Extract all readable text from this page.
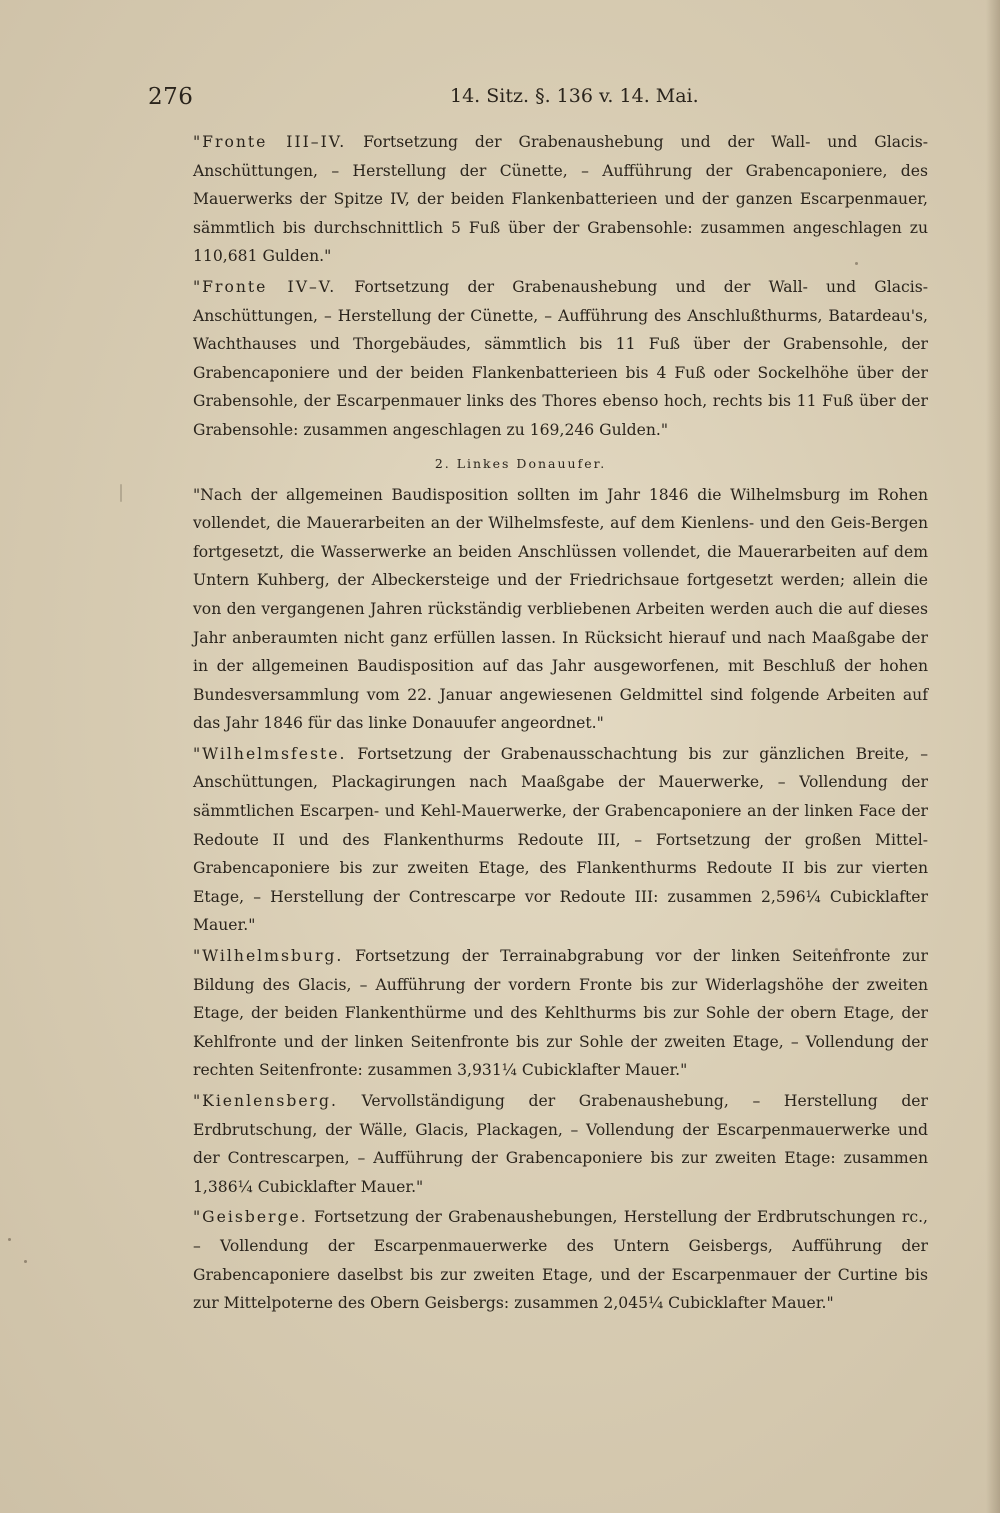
276	14. Sitz. §. 136 v. 14. Mai.

"Fronte III–IV. Fortsetzung der Grabenaushebung und der Wall- und Glacis-Anschüttungen, – Herstellung der Cünette, – Aufführung der Grabencaponiere, des Mauerwerks der Spitze IV, der beiden Flankenbatterieen und der ganzen Escarpenmauer, sämmtlich bis durchschnittlich 5 Fuß über der Grabensohle: zusammen angeschlagen zu 110,681 Gulden."

"Fronte IV–V. Fortsetzung der Grabenaushebung und der Wall- und Glacis-Anschüttungen, – Herstellung der Cünette, – Aufführung des Anschlußthurms, Batardeau's, Wachthauses und Thorgebäudes, sämmtlich bis 11 Fuß über der Grabensohle, der Grabencaponiere und der beiden Flankenbatterieen bis 4 Fuß oder Sockelhöhe über der Grabensohle, der Escarpenmauer links des Thores ebenso hoch, rechts bis 11 Fuß über der Grabensohle: zusammen angeschlagen zu 169,246 Gulden."

2. Linkes Donauufer.

"Nach der allgemeinen Baudisposition sollten im Jahr 1846 die Wilhelmsburg im Rohen vollendet, die Mauerarbeiten an der Wilhelmsfeste, auf dem Kienlens- und den Geis-Bergen fortgesetzt, die Wasserwerke an beiden Anschlüssen vollendet, die Mauerarbeiten auf dem Untern Kuhberg, der Albeckersteige und der Friedrichsaue fortgesetzt werden; allein die von den vergangenen Jahren rückständig verbliebenen Arbeiten werden auch die auf dieses Jahr anberaumten nicht ganz erfüllen lassen. In Rücksicht hierauf und nach Maaßgabe der in der allgemeinen Baudisposition auf das Jahr ausgeworfenen, mit Beschluß der hohen Bundesversammlung vom 22. Januar angewiesenen Geldmittel sind folgende Arbeiten auf das Jahr 1846 für das linke Donauufer angeordnet."

"Wilhelmsfeste. Fortsetzung der Grabenausschachtung bis zur gänzlichen Breite, – Anschüttungen, Plackagirungen nach Maaßgabe der Mauerwerke, – Vollendung der sämmtlichen Escarpen- und Kehl-Mauerwerke, der Grabencaponiere an der linken Face der Redoute II und des Flankenthurms Redoute III, – Fortsetzung der großen Mittel-Grabencaponiere bis zur zweiten Etage, des Flankenthurms Redoute II bis zur vierten Etage, – Herstellung der Contrescarpe vor Redoute III: zusammen 2,596¼ Cubicklafter Mauer."

"Wilhelmsburg. Fortsetzung der Terrainabgrabung vor der linken Seitenfronte zur Bildung des Glacis, – Aufführung der vordern Fronte bis zur Widerlagshöhe der zweiten Etage, der beiden Flankenthürme und des Kehlthurms bis zur Sohle der obern Etage, der Kehlfronte und der linken Seitenfronte bis zur Sohle der zweiten Etage, – Vollendung der rechten Seitenfronte: zusammen 3,931¼ Cubicklafter Mauer."

"Kienlensberg. Vervollständigung der Grabenaushebung, – Herstellung der Erdbrutschung, der Wälle, Glacis, Plackagen, – Vollendung der Escarpenmauerwerke und der Contrescarpen, – Aufführung der Grabencaponiere bis zur zweiten Etage: zusammen 1,386¼ Cubicklafter Mauer."

"Geisberge. Fortsetzung der Grabenaushebungen, Herstellung der Erdbrutschungen rc., – Vollendung der Escarpenmauerwerke des Untern Geisbergs, Aufführung der Grabencaponiere daselbst bis zur zweiten Etage, und der Escarpenmauer der Curtine bis zur Mittelpoterne des Obern Geisbergs: zusammen 2,045¼ Cubicklafter Mauer."
